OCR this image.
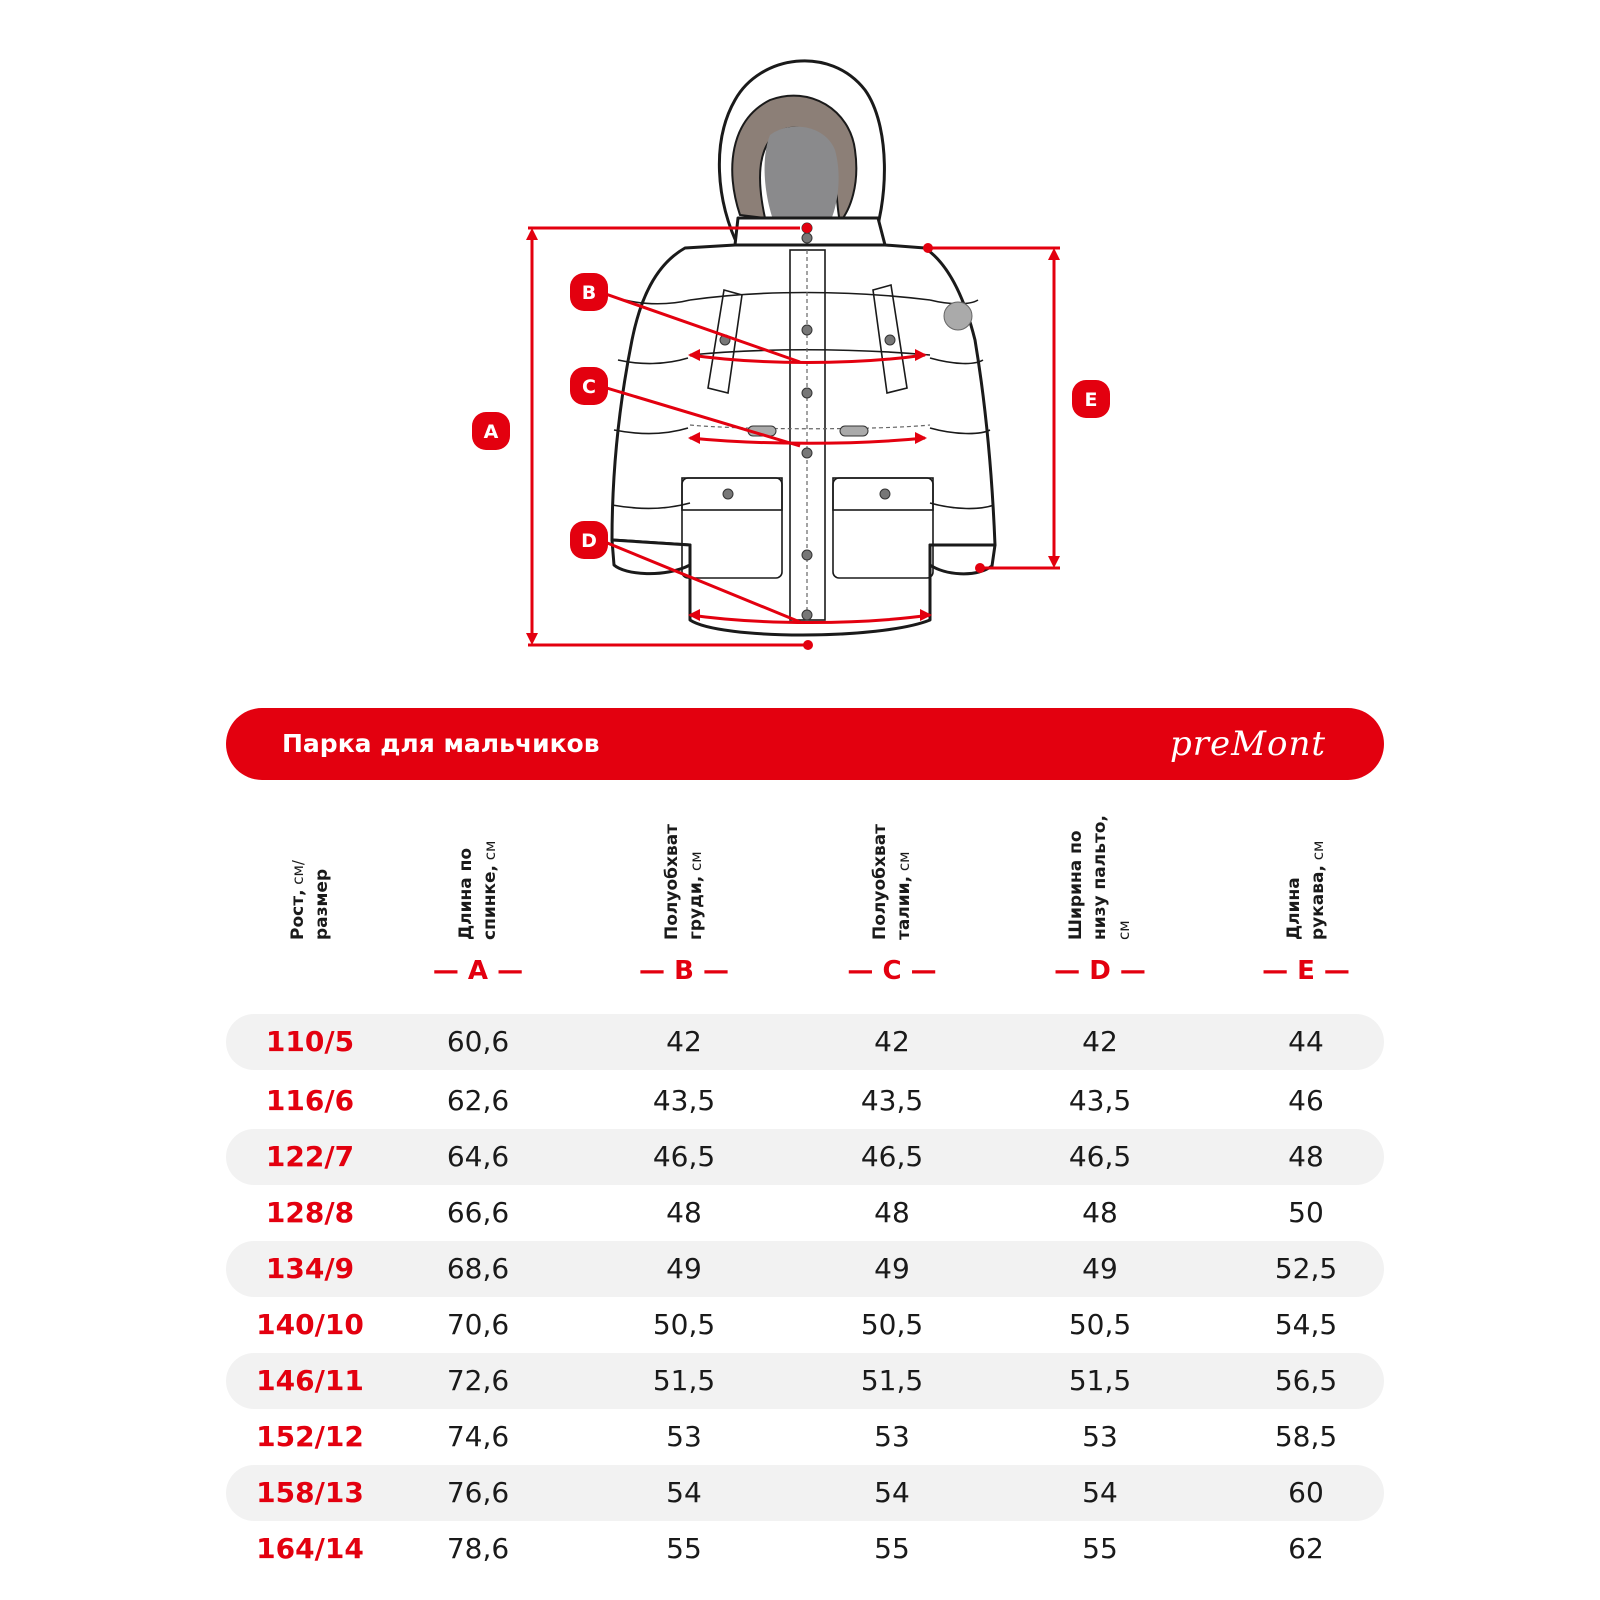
A
B
C
D
E
Парка для мальчиков	preMont
Рост, см/ размер	Длина по спинке, см	Полуобхват груди, см	Полуобхват талии, см	Ширина по низу пальто, см	Длина рукава, см
110/5	60,6	42	42	42	44
116/6	62,6	43,5	43,5	43,5	46
122/7	64,6	46,5	46,5	46,5	48
128/8	66,6	48	48	48	50
134/9	68,6	49	49	49	52,5
140/10	70,6	50,5	50,5	50,5	54,5
146/11	72,6	51,5	51,5	51,5	56,5
152/12	74,6	53	53	53	58,5
158/13	76,6	54	54	54	60
164/14	78,6	55	55	55	62
— A —	— B —	— C —	— D —	— E —
